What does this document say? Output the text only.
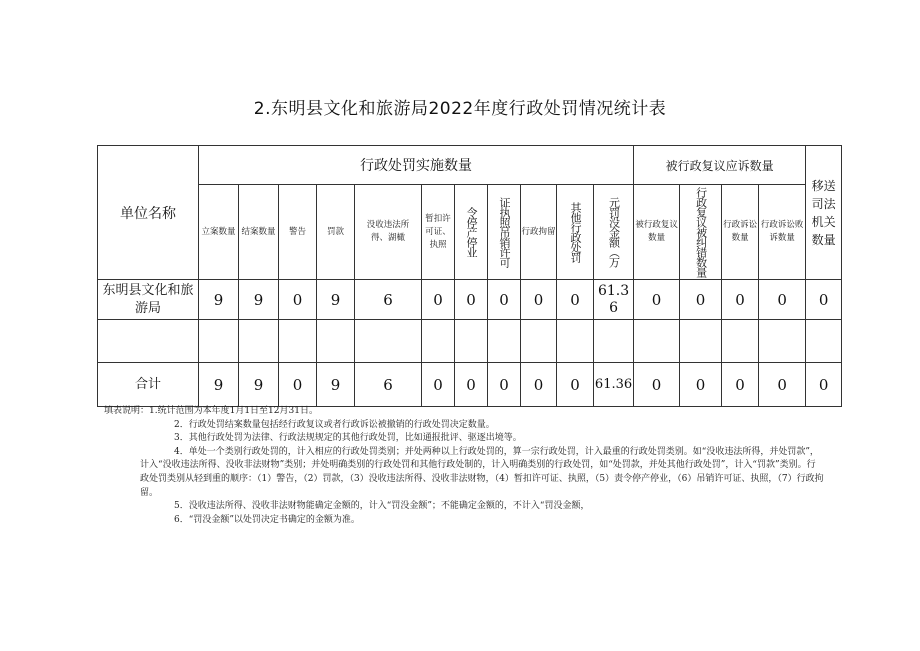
2.东明县文化和旅游局2022年度行政处罚情况统计表
单位名称	行政处罚实施数量											被行政复议应诉数量				移送司法机关数量

	立案数量	结案数量	警告	罚款	没收违法所得、湖橄	暂扣许可证、执照	令停产停业	证执照吊销许可	行政拘留	其他行政处罚	元罚没金额（万	被行政复议数量	行政复议被纠错数量	行政诉讼数量	行政诉讼败诉数量	

东明县文化和旅游局	9	9	0	9	6	0	0	0	0	0	61.36	0	0	0	0	0

合计	9	9	0	9	6	0	0	0	0	0	61.36	0	0	0	0	0

填表说明：1.统计范围为本年度1月1日至12月31日。

2．行政处罚结案数量包括经行政复议或者行政诉讼被撤销的行政处罚决定数量。

3．其他行政处罚为法律、行政法规规定的其他行政处罚，比如通报批评、驱逐出境等。

4．单处一个类别行政处罚的，计入相应的行政处罚类别；并处两种以上行政处罚的，算一宗行政处罚，计入最重的行政处罚类别。如“没收违法所得，并处罚款”，计入“没收违法所得、没收非法财物”类别；并处明确类别的行政处罚和其他行政处制的，计入明确类别的行政处罚，如“处罚款，并处其他行政处罚”，计入“罚款”类别。行政处罚类别从轻到重的顺序：（1）警告，（2）罚款，（3）没收违法所得、没收非法财物，（4）暂扣许可证、执照，（5）责令停产停业，（6）吊销许可证、执照，（7）行政拘留。

5．没收违法所得、没收非法财物能确定金额的，计入“罚没金额”；不能确定金额的，不计入“罚没金额，

6．“罚没金额”以处罚决定书确定的金额为准。
